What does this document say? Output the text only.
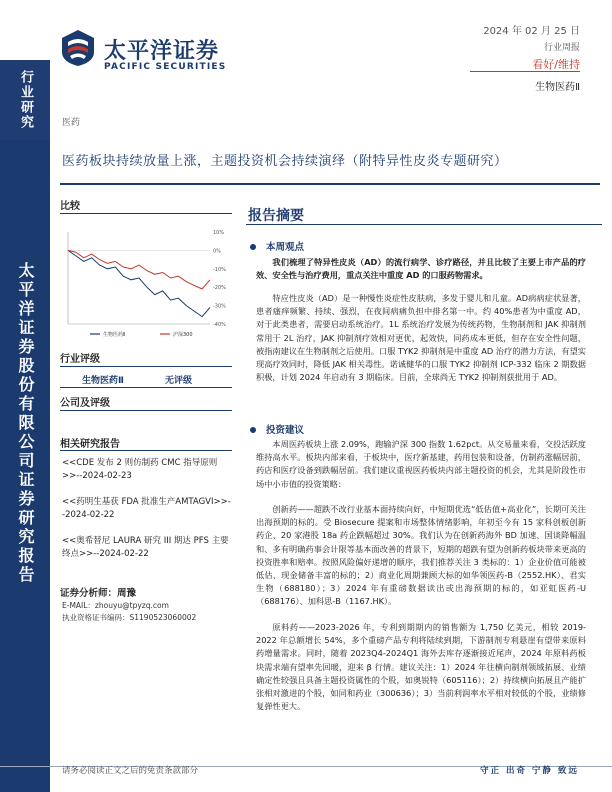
行业研究
太平洋证券股份有限公司证券研究报告
太平洋证券
PACIFIC SECURITIES
2024 年 02 月 25 日
行业周报
看好/维持
生物医药Ⅱ
医药
医药板块持续放量上涨，主题投资机会持续演绎（附特异性皮炎专题研究）
比较
10%
0%
-10%
-20%
-30%
-40%
生物医药Ⅱ	沪深300
行业评级
生物医药Ⅱ	无评级
公司及评级
相关研究报告
<<CDE 发布 2 则仿制药 CMC 指导原则>>--2024-02-23
<<药明生基获 FDA 批准生产AMTAGVI>>--2024-02-22
<<奥希替尼 LAURA 研究 III 期达 PFS 主要终点>>--2024-02-22
证券分析师：周豫
E-MAIL：zhouyu@tpyzq.com
执业资格证书编码：S1190523060002
报告摘要
本周观点
我们梳理了特异性皮炎（AD）的流行病学、诊疗路径，并且比较了主要上市产品的疗效、安全性与治疗费用，重点关注中重度 AD 的口服药物需求。
特应性皮炎（AD）是一种慢性炎症性皮肤病，多发于婴儿和儿童。AD病病症状显著，患者瘙痒频繁、持续、强烈，在夜间病痛负担中排名第一中。约 40%患者为中重度 AD，对于此类患者，需要启动系统治疗。1L 系统治疗发展为传统药物，生物制剂和 JAK 抑制剂常用于 2L 治疗，JAK 抑制剂疗效相对更优，起效快，同药成本更低，但存在安全性问题，被指南建议在生物制剂之后使用。口服 TYK2 抑制剂是中重度 AD 治疗的潜力方法，有望实现高疗效同时，降低 JAK 相关毒性。诺诚健华的口服 TYK2 抑制剂 ICP-332 临床 2 期数据积极，计划 2024 年启动有 3 期临床。目前，全球尚无 TYK2 抑制剂获批用于 AD。
投资建议
本周医药板块上涨 2.09%，跑输沪深 300 指数 1.62pct。从交易量来看，交投活跃度维持高水平。板块内部来看，于板块中，医疗新基建，药用包装和设备，仿制药涨幅居前，药店和医疗设备到跌幅居前。我们建议重视医药板块内部主题投资的机会，尤其是阶段性市场中小市值的投资策略：
创新药——超跌不改行业基本面持续向好，中短期优选“低估值+高业化”，长期可关注出海预期的标的。受 Biosecure 提案和市场整体情绪影响，年初至今有 15 家科创板创新药企、20 家港股 18a 药企跌幅超过 30%。我们认为在创新药海外 BD 加速、国谈降幅温和、多有明确药事会计限等基本面改善的背景下，短期的超跌有望为创新药板块带来更高的投资胜率和赔率。按照风险偏好递增的顺序，我们推荐关注 3 类标的：1）企业价值可能被低估、现金储备丰富的标的；2）商业化周期兼顾大标的如华领医药-B（2552.HK）、君实生物（688180）；3）2024 年有重磅数据读出或出海预期的标的，如亚虹医药-U（688176）、加科思-B（1167.HK）。
原料药——2023-2026 年，专利到期期内的销售额为 1,750 亿美元，相较 2019-2022 年总额增长 54%，多个重磅产品专利将陆续到期，下游制剂专利悬崖有望带来原料药增量需求。同时，随着 2023Q4-2024Q1 海外去库存逐渐接近尾声，2024 年原料药板块需求端有望率先回暖，迎来 β 行情。建议关注：1）2024 年往横向制剂领域拓展、业绩确定性较强且具备主题投资属性的个股，如奥锐特（605116）；2）持续横向拓展且产能扩张相对激进的个股，如同和药业（300636）；3）当前利润率水平相对较低的个股，业绩修复弹性更大。
请务必阅读正文之后的免责条款部分	守正 出奇 宁静 致远
